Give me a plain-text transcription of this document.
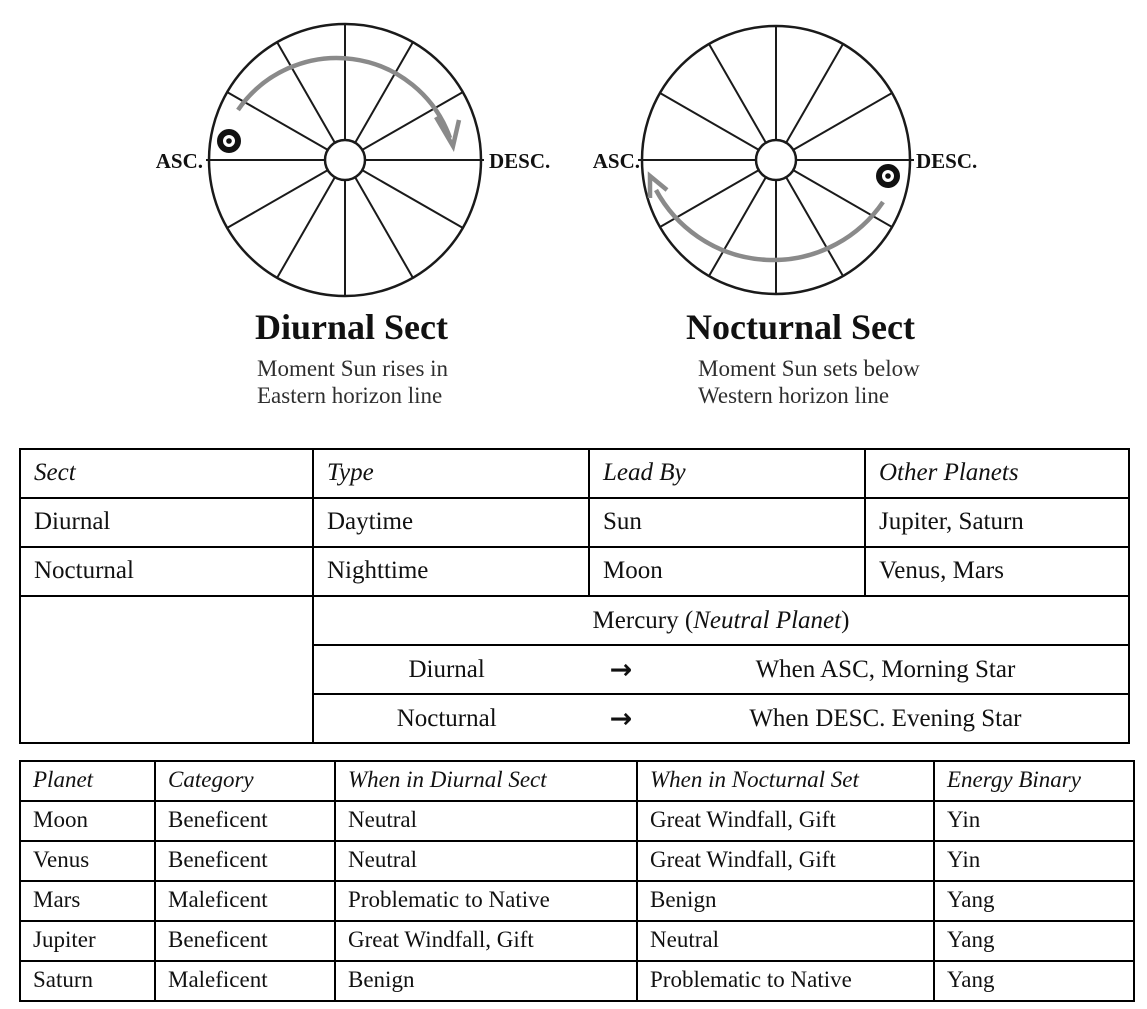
ASC.	DESC. ASC.	DESC.
Diurnal Sect
Moment Sun rises in
Eastern horizon line
Nocturnal Sect
Moment Sun sets below
Western horizon line
Sect	Type	Lead By	Other Planets
Diurnal	Daytime	Sun	Jupiter, Saturn
Nocturnal	Nighttime	Moon	Venus, Mars
	Mercury (Neutral Planet)		

	Diurnal → When ASC, Morning Star		

	Nocturnal → When DESC. Evening Star		
Planet	Category	When in Diurnal Sect	When in Nocturnal Set	Energy Binary
Moon	Beneficent	Neutral	Great Windfall, Gift	Yin
Venus	Beneficent	Neutral	Great Windfall, Gift	Yin
Mars	Maleficent	Problematic to Native	Benign	Yang
Jupiter	Beneficent	Great Windfall, Gift	Neutral	Yang
Saturn	Maleficent	Benign	Problematic to Native	Yang
